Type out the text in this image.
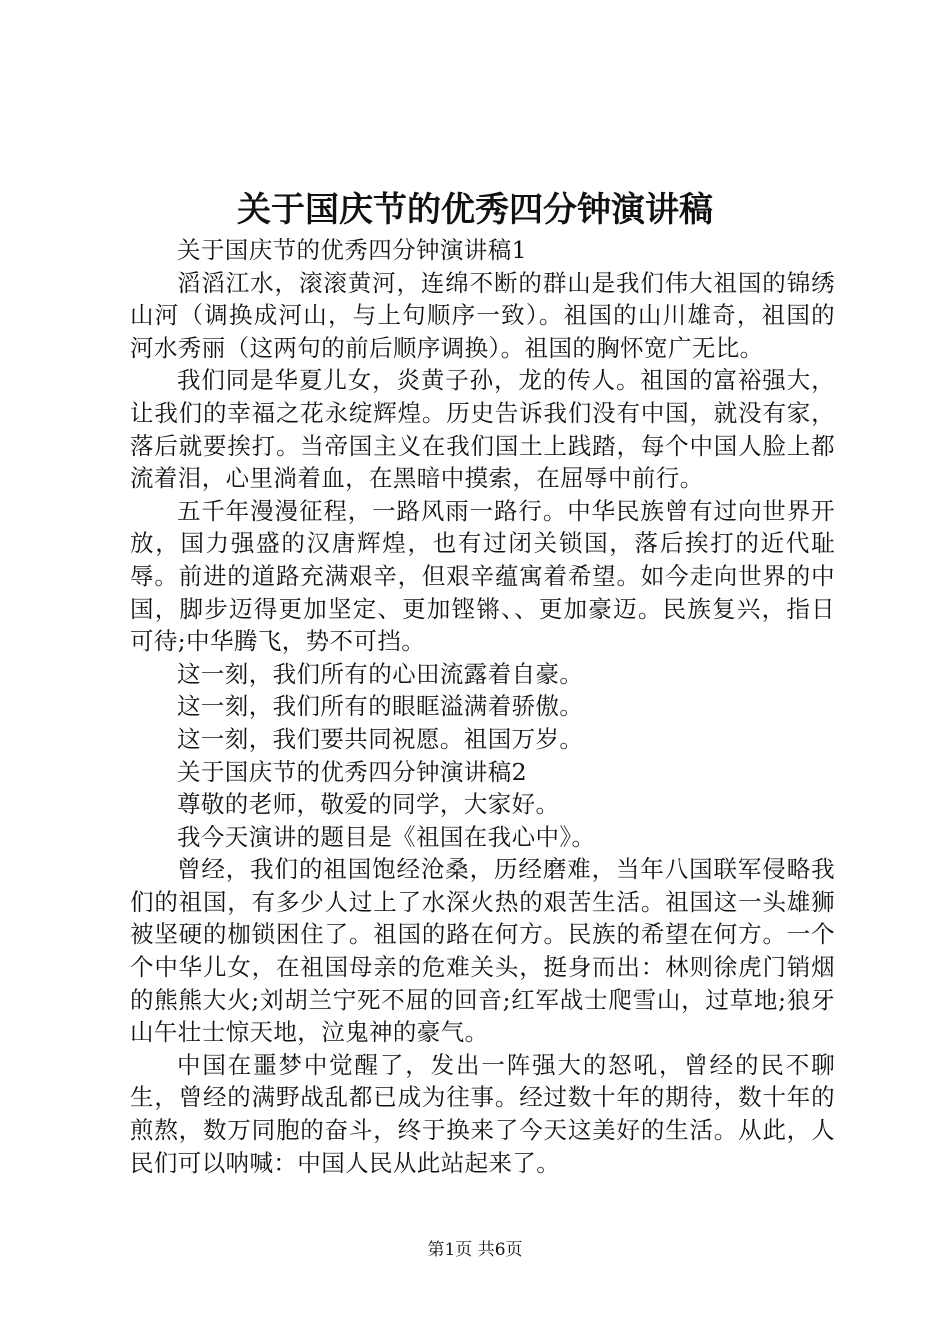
关于国庆节的优秀四分钟演讲稿

关于国庆节的优秀四分钟演讲稿1

滔滔江水，滚滚黄河，连绵不断的群山是我们伟大祖国的锦绣山河（调换成河山，与上句顺序一致）。祖国的山川雄奇，祖国的河水秀丽（这两句的前后顺序调换）。祖国的胸怀宽广无比。

我们同是华夏儿女，炎黄子孙，龙的传人。祖国的富裕强大，让我们的幸福之花永绽辉煌。历史告诉我们没有中国，就没有家，落后就要挨打。当帝国主义在我们国土上践踏，每个中国人脸上都流着泪，心里淌着血，在黑暗中摸索，在屈辱中前行。

五千年漫漫征程，一路风雨一路行。中华民族曾有过向世界开放，国力强盛的汉唐辉煌，也有过闭关锁国，落后挨打的近代耻辱。前进的道路充满艰辛，但艰辛蕴寓着希望。如今走向世界的中国，脚步迈得更加坚定、更加铿锵、、更加豪迈。民族复兴，指日可待;中华腾飞，势不可挡。

这一刻，我们所有的心田流露着自豪。

这一刻，我们所有的眼眶溢满着骄傲。

这一刻，我们要共同祝愿。祖国万岁。

关于国庆节的优秀四分钟演讲稿2

尊敬的老师，敬爱的同学，大家好。

我今天演讲的题目是《祖国在我心中》。

曾经，我们的祖国饱经沧桑，历经磨难，当年八国联军侵略我们的祖国，有多少人过上了水深火热的艰苦生活。祖国这一头雄狮被坚硬的枷锁困住了。祖国的路在何方。民族的希望在何方。一个个中华儿女，在祖国母亲的危难关头，挺身而出：林则徐虎门销烟的熊熊大火;刘胡兰宁死不屈的回音;红军战士爬雪山，过草地;狼牙山午壮士惊天地，泣鬼神的豪气。

中国在噩梦中觉醒了，发出一阵强大的怒吼，曾经的民不聊生，曾经的满野战乱都已成为往事。经过数十年的期待，数十年的煎熬，数万同胞的奋斗，终于换来了今天这美好的生活。从此，人民们可以呐喊：中国人民从此站起来了。

第1页 共6页
